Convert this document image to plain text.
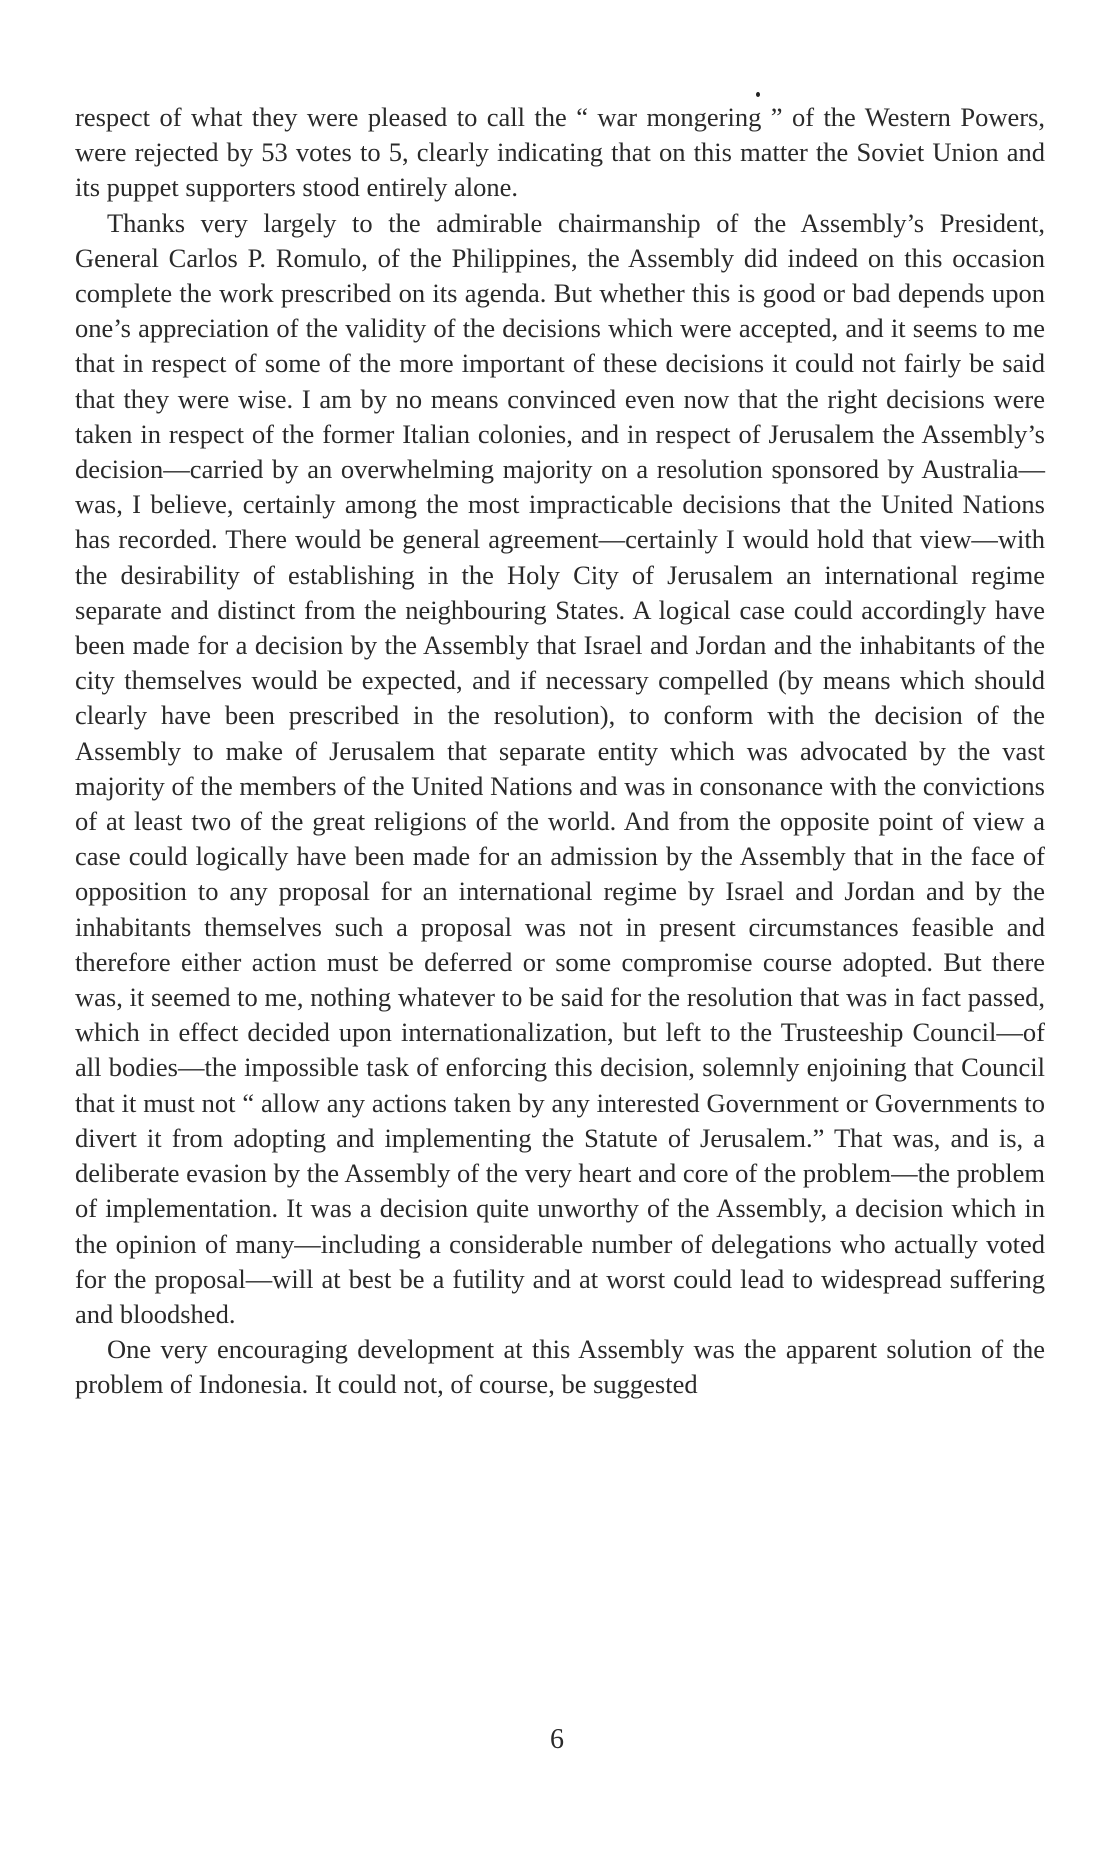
respect of what they were pleased to call the “ war mongering ” of the Western Powers, were rejected by 53 votes to 5, clearly indicating that on this matter the Soviet Union and its puppet supporters stood entirely alone.

Thanks very largely to the admirable chairmanship of the Assembly’s President, General Carlos P. Romulo, of the Philippines, the Assembly did indeed on this occasion complete the work prescribed on its agenda. But whether this is good or bad depends upon one’s appreciation of the validity of the decisions which were accepted, and it seems to me that in respect of some of the more important of these decisions it could not fairly be said that they were wise. I am by no means convinced even now that the right decisions were taken in respect of the former Italian colonies, and in respect of Jerusalem the Assembly’s decision—carried by an overwhelming majority on a resolution sponsored by Australia—was, I believe, certainly among the most impracticable decisions that the United Nations has recorded. There would be general agreement—certainly I would hold that view—with the desirability of establishing in the Holy City of Jerusalem an international regime separate and distinct from the neighbouring States. A logical case could accordingly have been made for a decision by the Assembly that Israel and Jordan and the inhabitants of the city themselves would be expected, and if necessary compelled (by means which should clearly have been prescribed in the resolution), to conform with the decision of the Assembly to make of Jerusalem that separate entity which was advocated by the vast majority of the members of the United Nations and was in consonance with the convictions of at least two of the great religions of the world. And from the opposite point of view a case could logically have been made for an admission by the Assembly that in the face of opposition to any proposal for an international regime by Israel and Jordan and by the inhabitants themselves such a proposal was not in present circumstances feasible and therefore either action must be deferred or some compromise course adopted. But there was, it seemed to me, nothing whatever to be said for the resolution that was in fact passed, which in effect decided upon internationalization, but left to the Trusteeship Council—of all bodies—the impossible task of enforcing this decision, solemnly enjoining that Council that it must not “ allow any actions taken by any interested Government or Governments to divert it from adopting and implementing the Statute of Jerusalem.” That was, and is, a deliberate evasion by the Assembly of the very heart and core of the problem—the problem of implementation. It was a decision quite unworthy of the Assembly, a decision which in the opinion of many—including a considerable number of delegations who actually voted for the proposal—will at best be a futility and at worst could lead to widespread suffering and bloodshed.

One very encouraging development at this Assembly was the apparent solution of the problem of Indonesia. It could not, of course, be suggested

6
